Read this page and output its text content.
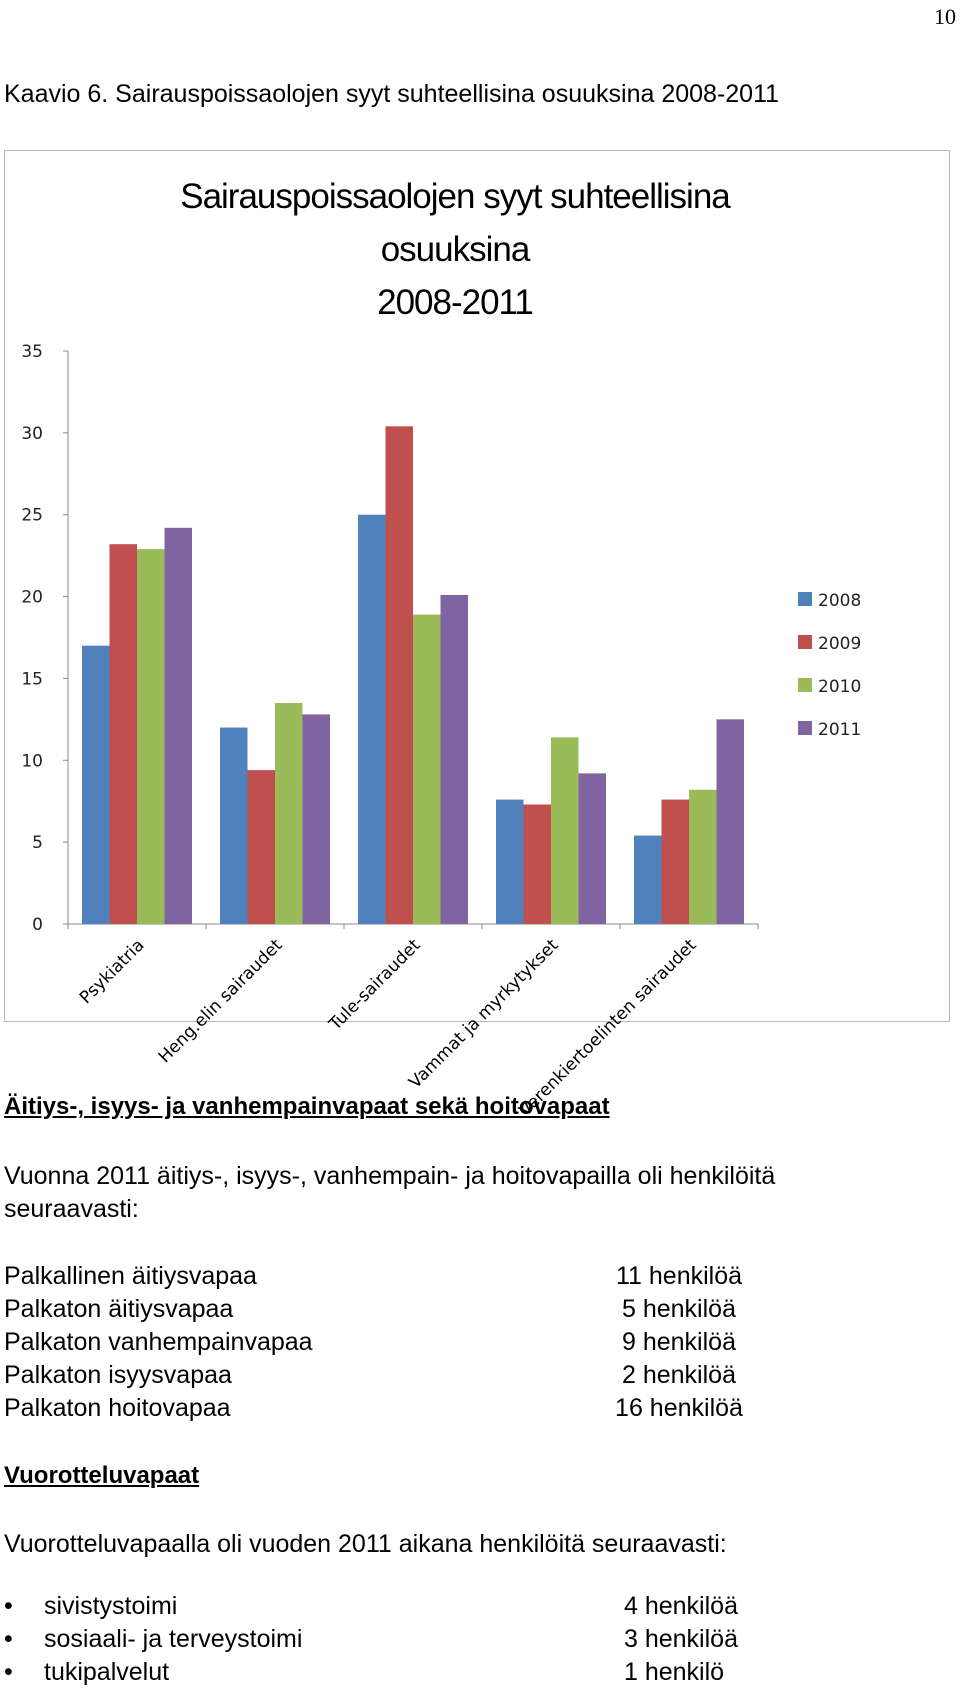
10
Kaavio 6. Sairauspoissaolojen syyt suhteellisina osuuksina 2008-2011
Sairauspoissaolojen syyt suhteellisina
osuuksina
2008-2011
0
5
10
15
20
25
30
35
Psykiatria Heng.elin sairaudet Tule-sairaudet
Vammat ja myrkytykset
Verenkiertoelinten sairaudet
2008
2009
2010
2011
Äitiys-, isyys- ja vanhempainvapaat sekä hoitovapaat
Vuonna 2011 äitiys-, isyys-, vanhempain- ja hoitovapailla oli henkilöitä
seuraavasti:
Palkallinen äitiysvapaa	11 henkilöä
Palkaton äitiysvapaa	5 henkilöä
Palkaton vanhempainvapaa	9 henkilöä
Palkaton isyysvapaa	2 henkilöä
Palkaton hoitovapaa	16 henkilöä
Vuorotteluvapaat
Vuorotteluvapaalla oli vuoden 2011 aikana henkilöitä seuraavasti:
• sivistystoimi	4 henkilöä
• sosiaali- ja terveystoimi	3 henkilöä
• tukipalvelut	1 henkilö
